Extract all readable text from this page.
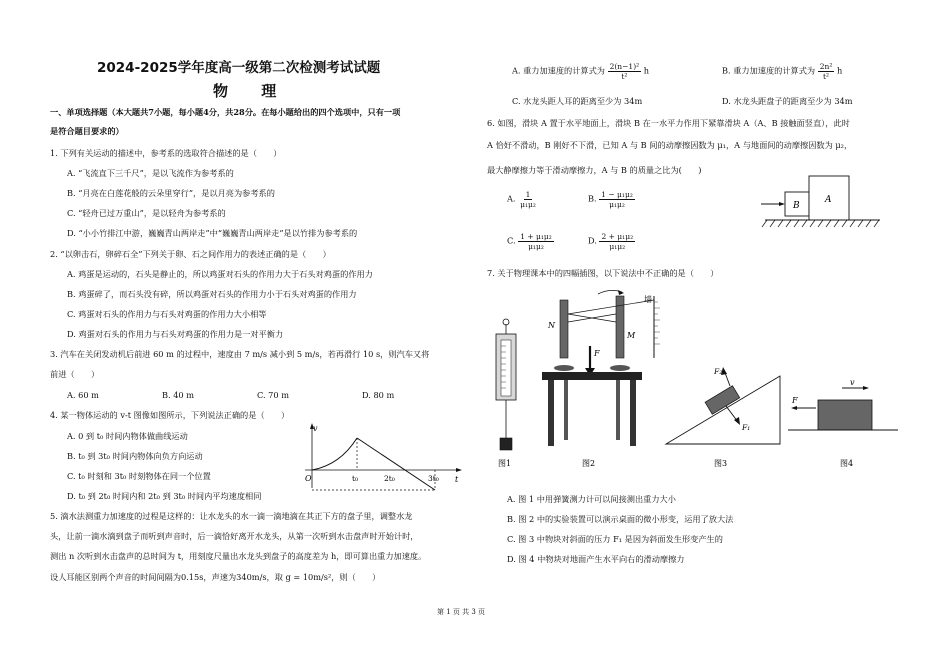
2024-2025学年度高一级第二次检测考试试题
物 理
一、单项选择题（本大题共7小题，每小题4分，共28分。在每小题给出的四个选项中，只有一项
是符合题目要求的）
1. 下列有关运动的描述中，参考系的选取符合描述的是（　　）
A. “飞流直下三千尺”，是以飞流作为参考系的
B. “月亮在白莲花般的云朵里穿行”，是以月亮为参考系的
C. “轻舟已过万重山”，是以轻舟为参考系的
D. “小小竹排江中游，巍巍青山两岸走”中“巍巍青山两岸走”是以竹排为参考系的
2. “以卵击石，卵碎石全”下列关于卵、石之间作用力的表述正确的是（　　）
A. 鸡蛋是运动的，石头是静止的，所以鸡蛋对石头的作用力大于石头对鸡蛋的作用力
B. 鸡蛋碎了，而石头没有碎，所以鸡蛋对石头的作用力小于石头对鸡蛋的作用力
C. 鸡蛋对石头的作用力与石头对鸡蛋的作用力大小相等
D. 鸡蛋对石头的作用力与石头对鸡蛋的作用力是一对平衡力
3. 汽车在关闭发动机后前进 60 m 的过程中，速度由 7 m/s 减小到 5 m/s，若再滑行 10 s，则汽车又将
前进（　　）
A. 60 m	B. 40 m	C. 70 m	D. 80 m
4. 某一物体运动的 v-t 图像如图所示，下列说法正确的是（　　）
A. 0 到 t₀ 时间内物体做曲线运动
B. t₀ 到 3t₀ 时间内物体向负方向运动
C. t₀ 时刻和 3t₀ 时刻物体在同一个位置
D. t₀ 到 2t₀ 时间内和 2t₀ 到 3t₀ 时间内平均速度相同
v
t
O	t₀	2t₀	3t₀
5. 滴水法测重力加速度的过程是这样的：让水龙头的水一滴一滴地滴在其正下方的盘子里，调整水龙
头，让前一滴水滴到盘子而听到声音时，后一滴恰好离开水龙头，从第一次听到水击盘声时开始计时，
测出 n 次听到水击盘声的总时间为 t，用刻度尺量出水龙头到盘子的高度差为 h，即可算出重力加速度。
设人耳能区别两个声音的时间间隔为0.15s，声速为340m/s，取 g = 10m/s²，则（　　）
A. 重力加速度的计算式为 $\frac{\text{2(n−1)²}}{\text{t²}}$ h	B. 重力加速度的计算式为 $\frac{\text{2n²}}{\text{t²}}$ h
C. 水龙头距人耳的距离至少为 34m	D. 水龙头距盘子的距离至少为 34m
6. 如图，滑块 A 置于水平地面上，滑块 B 在一水平力作用下紧靠滑块 A（A、B 接触面竖直），此时
A 恰好不滑动，B 刚好不下滑，已知 A 与 B 间的动摩擦因数为 μ₁，A 与地面间的动摩擦因数为 μ₂，
最大静摩擦力等于滑动摩擦力，A 与 B 的质量之比为(　　)
A. $\frac{1}{\text{μ₁μ₂}}$	B. $\frac{\text{1 − μ₁μ₂}}{\text{μ₁μ₂}}$
C. $\frac{\text{1 + μ₁μ₂}}{\text{μ₁μ₂}}$	D. $\frac{\text{2 + μ₁μ₂}}{\text{μ₁μ₂}}$
B
A
7. 关于物理课本中的四幅插图，以下说法中不正确的是（　　）
图1
墙
N
M
F
图2
F₂
F₁
图3
F
v
图4
A. 图 1 中用弹簧测力计可以间接测出重力大小
B. 图 2 中的实验装置可以演示桌面的微小形变，运用了放大法
C. 图 3 中物块对斜面的压力 F₁ 是因为斜面发生形变产生的
D. 图 4 中物块对地面产生水平向右的滑动摩擦力
第 1 页 共 3 页
